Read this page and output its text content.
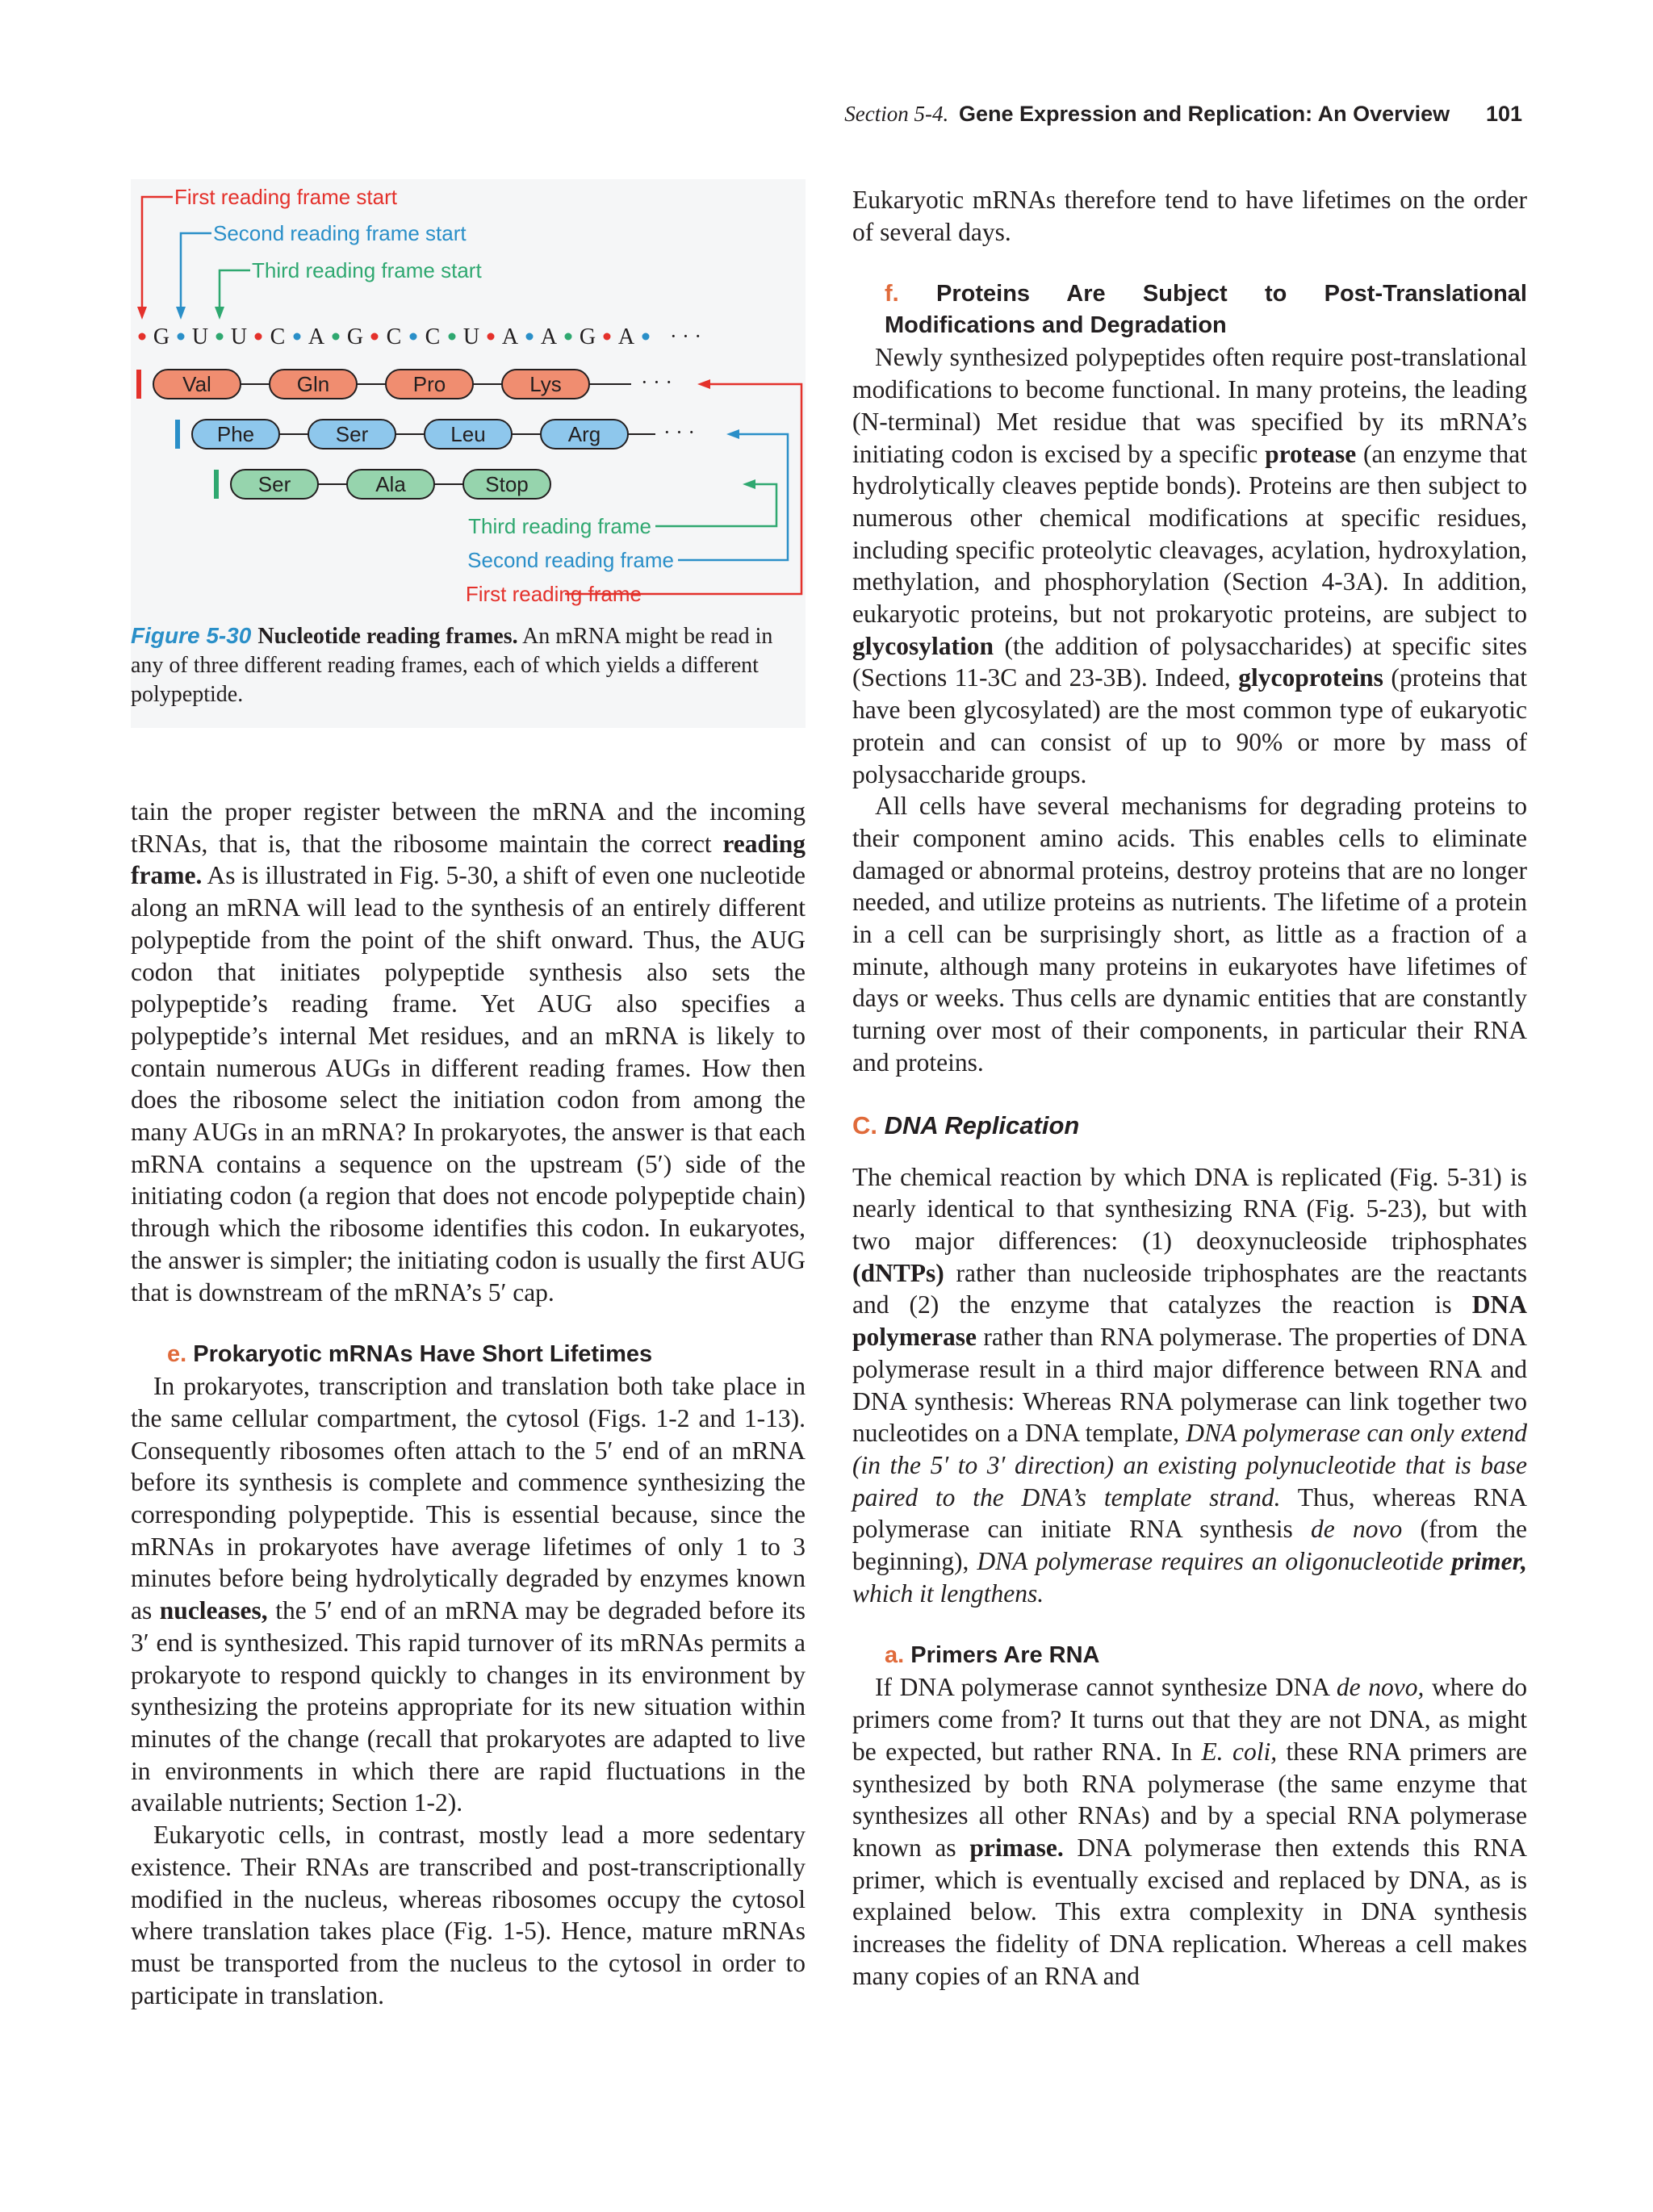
Section 5-4. Gene Expression and Replication: An Overview 101
First reading frame start
Second reading frame start
Third reading frame start
G U U C A G C C U A A G A · · ·
Val	Gln	Pro	Lys
Phe	Ser	Leu	Arg
Ser	Ala	Stop
· · ·
· · ·
Third reading frame
Second reading frame
First reading frame
Figure 5-30 Nucleotide reading frames. An mRNA might be read in any of three different reading frames, each of which yields a different polypeptide.

tain the proper register between the mRNA and the incoming tRNAs, that is, that the ribosome maintain the correct reading frame. As is illustrated in Fig. 5-30, a shift of even one nucleotide along an mRNA will lead to the synthesis of an entirely different polypeptide from the point of the shift onward. Thus, the AUG codon that initiates polypeptide synthesis also sets the polypeptide’s reading frame. Yet AUG also specifies a polypeptide’s internal Met residues, and an mRNA is likely to contain numerous AUGs in different reading frames. How then does the ribosome select the initiation codon from among the many AUGs in an mRNA? In prokaryotes, the answer is that each mRNA contains a sequence on the upstream (5′) side of the initiating codon (a region that does not encode polypeptide chain) through which the ribosome identifies this codon. In eukaryotes, the answer is simpler; the initiating codon is usually the first AUG that is downstream of the mRNA’s 5′ cap.

e. Prokaryotic mRNAs Have Short Lifetimes

In prokaryotes, transcription and translation both take place in the same cellular compartment, the cytosol (Figs. 1-2 and 1-13). Consequently ribosomes often attach to the 5′ end of an mRNA before its synthesis is complete and commence synthesizing the corresponding polypeptide. This is essential because, since the mRNAs in prokaryotes have average lifetimes of only 1 to 3 minutes before being hydrolytically degraded by enzymes known as nucleases, the 5′ end of an mRNA may be degraded before its 3′ end is synthesized. This rapid turnover of its mRNAs permits a prokaryote to respond quickly to changes in its environment by synthesizing the proteins appropriate for its new situation within minutes of the change (recall that prokaryotes are adapted to live in environments in which there are rapid fluctuations in the available nutrients; Section 1-2).

Eukaryotic cells, in contrast, mostly lead a more sedentary existence. Their RNAs are transcribed and post-transcriptionally modified in the nucleus, whereas ribosomes occupy the cytosol where translation takes place (Fig. 1-5). Hence, mature mRNAs must be transported from the nucleus to the cytosol in order to participate in translation.

Eukaryotic mRNAs therefore tend to have lifetimes on the order of several days.

f. Proteins Are Subject to Post-Translational Modifications and Degradation

Newly synthesized polypeptides often require post-translational modifications to become functional. In many proteins, the leading (N-terminal) Met residue that was specified by its mRNA’s initiating codon is excised by a specific protease (an enzyme that hydrolytically cleaves peptide bonds). Proteins are then subject to numerous other chemical modifications at specific residues, including specific proteolytic cleavages, acylation, hydroxylation, methylation, and phosphorylation (Section 4-3A). In addition, eukaryotic proteins, but not prokaryotic proteins, are subject to glycosylation (the addition of polysaccharides) at specific sites (Sections 11-3C and 23-3B). Indeed, glycoproteins (proteins that have been glycosylated) are the most common type of eukaryotic protein and can consist of up to 90% or more by mass of polysaccharide groups.

All cells have several mechanisms for degrading proteins to their component amino acids. This enables cells to eliminate damaged or abnormal proteins, destroy proteins that are no longer needed, and utilize proteins as nutrients. The lifetime of a protein in a cell can be surprisingly short, as little as a fraction of a minute, although many proteins in eukaryotes have lifetimes of days or weeks. Thus cells are dynamic entities that are constantly turning over most of their components, in particular their RNA and proteins.

C. DNA Replication

The chemical reaction by which DNA is replicated (Fig. 5-31) is nearly identical to that synthesizing RNA (Fig. 5-23), but with two major differences: (1) deoxynucleoside triphosphates (dNTPs) rather than nucleoside triphosphates are the reactants and (2) the enzyme that catalyzes the reaction is DNA polymerase rather than RNA polymerase. The properties of DNA polymerase result in a third major difference between RNA and DNA synthesis: Whereas RNA polymerase can link together two nucleotides on a DNA template, DNA polymerase can only extend (in the 5′ to 3′ direction) an existing polynucleotide that is base paired to the DNA’s template strand. Thus, whereas RNA polymerase can initiate RNA synthesis de novo (from the beginning), DNA polymerase requires an oligonucleotide primer, which it lengthens.

a. Primers Are RNA

If DNA polymerase cannot synthesize DNA de novo, where do primers come from? It turns out that they are not DNA, as might be expected, but rather RNA. In E. coli, these RNA primers are synthesized by both RNA polymerase (the same enzyme that synthesizes all other RNAs) and by a special RNA polymerase known as primase. DNA polymerase then extends this RNA primer, which is eventually excised and replaced by DNA, as is explained below. This extra complexity in DNA synthesis increases the fidelity of DNA replication. Whereas a cell makes many copies of an RNA and
